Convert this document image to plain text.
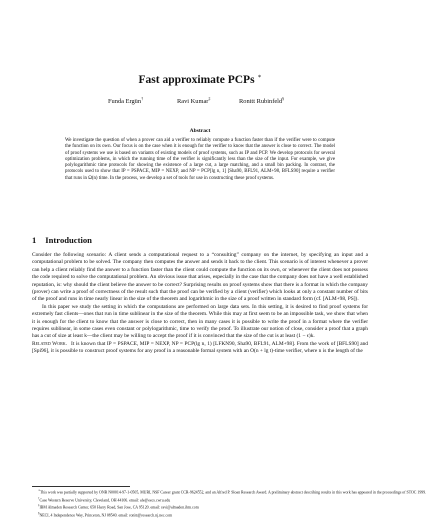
Fast approximate PCPs ∗
Funda Ergün†	Ravi Kumar‡	Ronitt Rubinfeld§
Abstract

We investigate the question of when a prover can aid a verifier to reliably compute a function faster than if the verifier were to compute the function on its own. Our focus is on the case when it is enough for the verifier to know that the answer is close to correct. The model of proof systems we use is based on variants of existing models of proof systems, such as IP and PCP. We develop protocols for several optimization problems, in which the running time of the verifier is significantly less than the size of the input. For example, we give polylogarithmic time protocols for showing the existence of a large cut, a large matching, and a small bin packing. In contrast, the protocols used to show that IP = PSPACE, MIP = NEXP, and NP = PCP[lg n, 1] [Sha90, BFL91, ALM+98, BFLS90] require a verifier that runs in Ω(n) time. In the process, we develop a set of tools for use in constructing these proof systems.

1 Introduction

Consider the following scenario: A client sends a computational request to a “consulting” company on the internet, by specifying an input and a computational problem to be solved. The company then computes the answer and sends it back to the client. This scenario is of interest whenever a prover can help a client reliably find the answer to a function faster than the client could compute the function on its own, or whenever the client does not possess the code required to solve the computational problem. An obvious issue that arises, especially in the case that the company does not have a well established reputation, is: why should the client believe the answer to be correct? Surprising results on proof systems show that there is a format in which the company (prover) can write a proof of correctness of the result such that the proof can be verified by a client (verifier) which looks at only a constant number of bits of the proof and runs in time nearly linear in the size of the theorem and logarithmic in the size of a proof written in standard form (cf. [ALM+98, PS]).

In this paper we study the setting in which the computations are performed on large data sets. In this setting, it is desired to find proof systems for extremely fast clients—ones that run in time sublinear in the size of the theorem. While this may at first seem to be an impossible task, we show that when it is enough for the client to know that the answer is close to correct, then in many cases it is possible to write the proof in a format where the verifier requires sublinear, in some cases even constant or polylogarithmic, time to verify the proof. To illustrate our notion of close, consider a proof that a graph has a cut of size at least k—the client may be willing to accept the proof if it is convinced that the size of the cut is at least (1 − ϵ)k.

Related Work. It is known that IP = PSPACE, MIP = NEXP, NP = PCP(lg n, 1) [LFKN90, Sha90, BFL91, ALM+98]. From the work of [BFLS90] and [Spi96], it is possible to construct proof systems for any proof in a reasonable formal system with an O(n + lg t)-time verifier, where n is the length of the

∗This work was partially supported by ONR N00014-97-1-0505, MURI, NSF Career grant CCR-9624552, and an Alfred P. Sloan Research Award. A preliminary abstract describing results in this work has appeared in the proceedings of STOC 1999.

†Case Western Reserve University, Cleveland, OH 44106. email: afe@eecs.cwru.edu

‡IBM Almaden Research Center, 650 Harry Road, San Jose, CA 95120. email: ravi@almaden.ibm.com

§NECI, 4 Independence Way, Princeton, NJ 08540. email: ronitt@research.nj.nec.com
